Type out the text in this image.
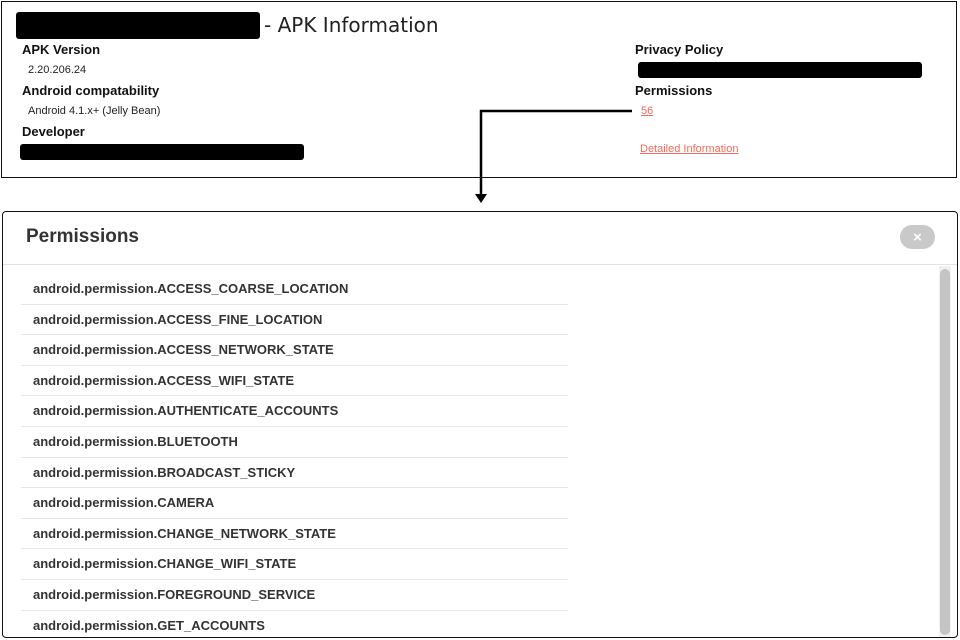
- APK Information
APK Version
2.20.206.24
Android compatability
Android 4.1.x+ (Jelly Bean)
Developer
Privacy Policy
Permissions
56
Detailed Information
Permissions	×
android.permission.ACCESS_COARSE_LOCATION
android.permission.ACCESS_FINE_LOCATION
android.permission.ACCESS_NETWORK_STATE
android.permission.ACCESS_WIFI_STATE
android.permission.AUTHENTICATE_ACCOUNTS
android.permission.BLUETOOTH
android.permission.BROADCAST_STICKY
android.permission.CAMERA
android.permission.CHANGE_NETWORK_STATE
android.permission.CHANGE_WIFI_STATE
android.permission.FOREGROUND_SERVICE
android.permission.GET_ACCOUNTS
